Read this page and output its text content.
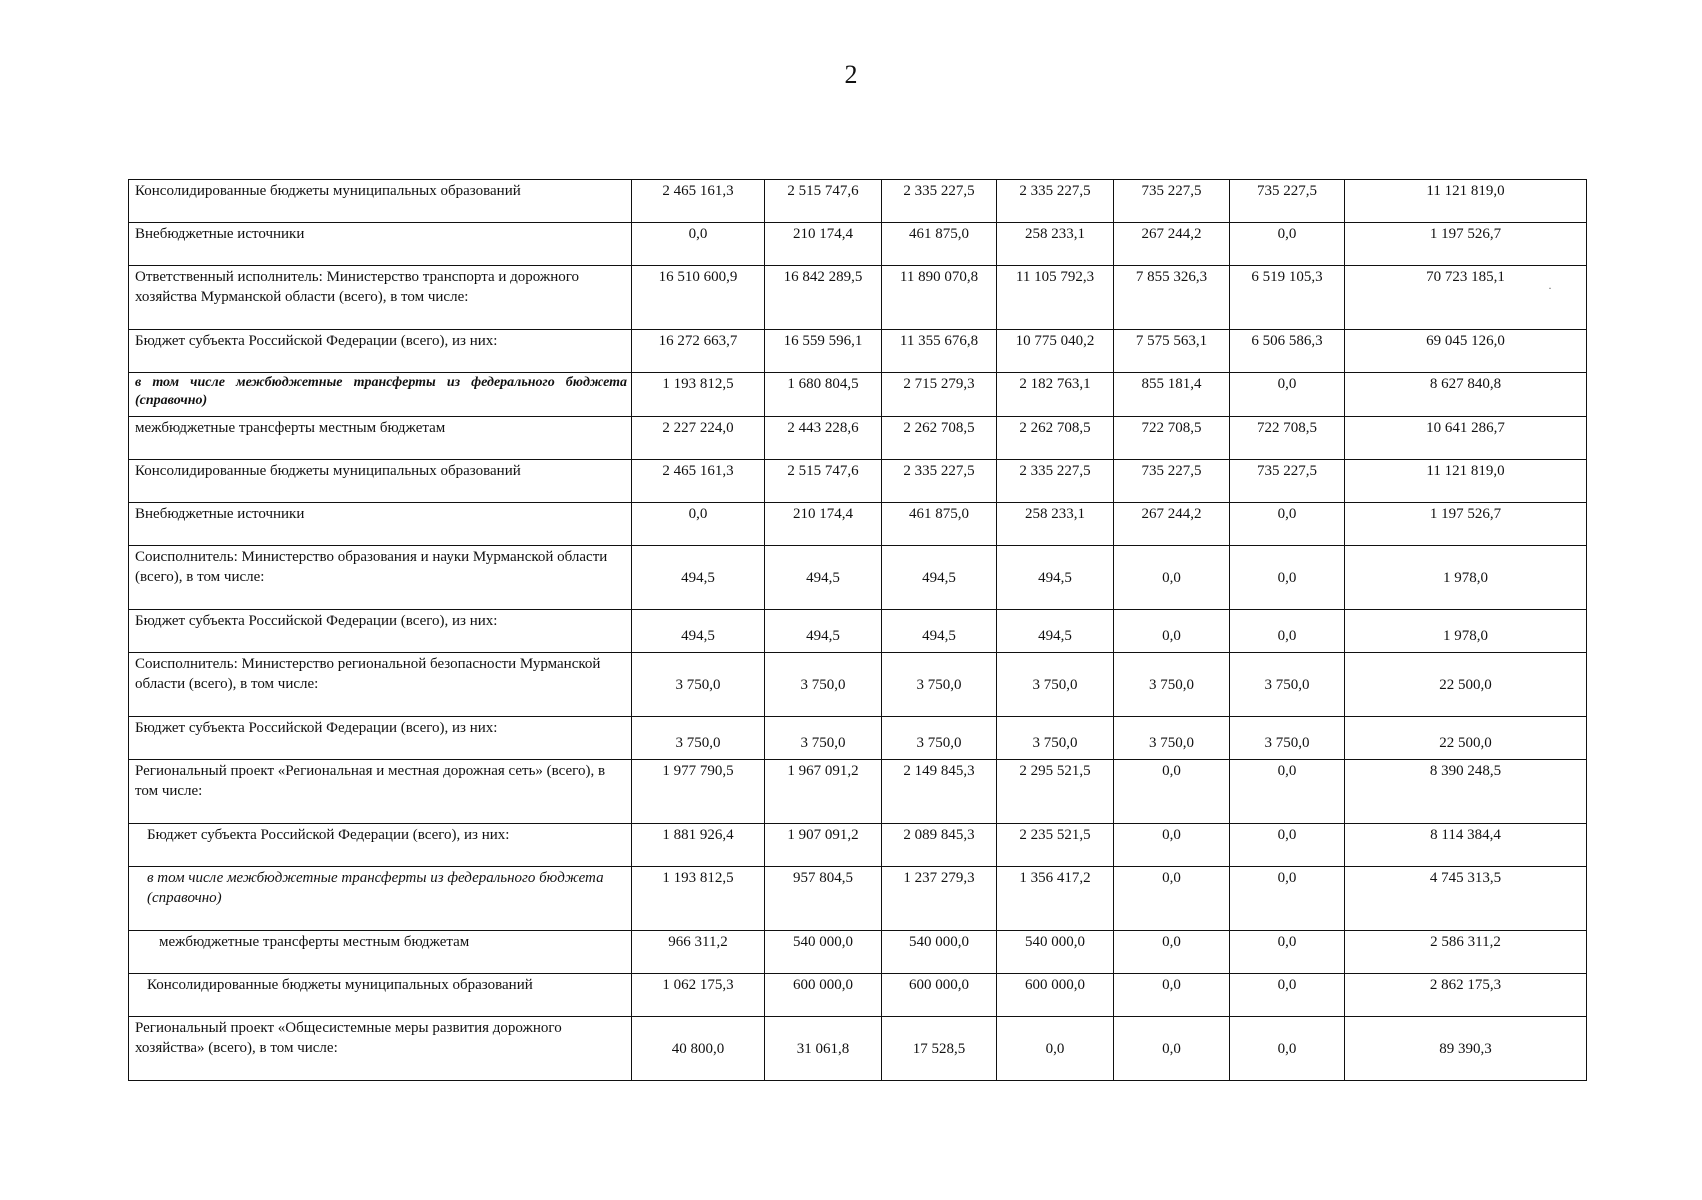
2
·
Консолидированные бюджеты муниципальных образований	2 465 161,3	2 515 747,6	2 335 227,5	2 335 227,5	735 227,5	735 227,5	11 121 819,0
Внебюджетные источники	0,0	210 174,4	461 875,0	258 233,1	267 244,2	0,0	1 197 526,7
Ответственный исполнитель: Министерство транспорта и дорожного хозяйства Мурманской области (всего), в том числе:	16 510 600,9	16 842 289,5	11 890 070,8	11 105 792,3	7 855 326,3	6 519 105,3	70 723 185,1
Бюджет субъекта Российской Федерации (всего), из них:	16 272 663,7	16 559 596,1	11 355 676,8	10 775 040,2	7 575 563,1	6 506 586,3	69 045 126,0
в том числе межбюджетные трансферты из федерального бюджета (справочно)	1 193 812,5	1 680 804,5	2 715 279,3	2 182 763,1	855 181,4	0,0	8 627 840,8
межбюджетные трансферты местным бюджетам	2 227 224,0	2 443 228,6	2 262 708,5	2 262 708,5	722 708,5	722 708,5	10 641 286,7
Консолидированные бюджеты муниципальных образований	2 465 161,3	2 515 747,6	2 335 227,5	2 335 227,5	735 227,5	735 227,5	11 121 819,0
Внебюджетные источники	0,0	210 174,4	461 875,0	258 233,1	267 244,2	0,0	1 197 526,7
Соисполнитель: Министерство образования и науки Мурманской области (всего), в том числе:	494,5	494,5	494,5	494,5	0,0	0,0	1 978,0
Бюджет субъекта Российской Федерации (всего), из них:	494,5	494,5	494,5	494,5	0,0	0,0	1 978,0
Соисполнитель: Министерство региональной безопасности Мурманской области (всего), в том числе:	3 750,0	3 750,0	3 750,0	3 750,0	3 750,0	3 750,0	22 500,0
Бюджет субъекта Российской Федерации (всего), из них:	3 750,0	3 750,0	3 750,0	3 750,0	3 750,0	3 750,0	22 500,0
Региональный проект «Региональная и местная дорожная сеть» (всего), в том числе:	1 977 790,5	1 967 091,2	2 149 845,3	2 295 521,5	0,0	0,0	8 390 248,5
Бюджет субъекта Российской Федерации (всего), из них:	1 881 926,4	1 907 091,2	2 089 845,3	2 235 521,5	0,0	0,0	8 114 384,4
в том числе межбюджетные трансферты из федерального бюджета (справочно)	1 193 812,5	957 804,5	1 237 279,3	1 356 417,2	0,0	0,0	4 745 313,5
межбюджетные трансферты местным бюджетам	966 311,2	540 000,0	540 000,0	540 000,0	0,0	0,0	2 586 311,2
Консолидированные бюджеты муниципальных образований	1 062 175,3	600 000,0	600 000,0	600 000,0	0,0	0,0	2 862 175,3
Региональный проект «Общесистемные меры развития дорожного хозяйства» (всего), в том числе:	40 800,0	31 061,8	17 528,5	0,0	0,0	0,0	89 390,3
